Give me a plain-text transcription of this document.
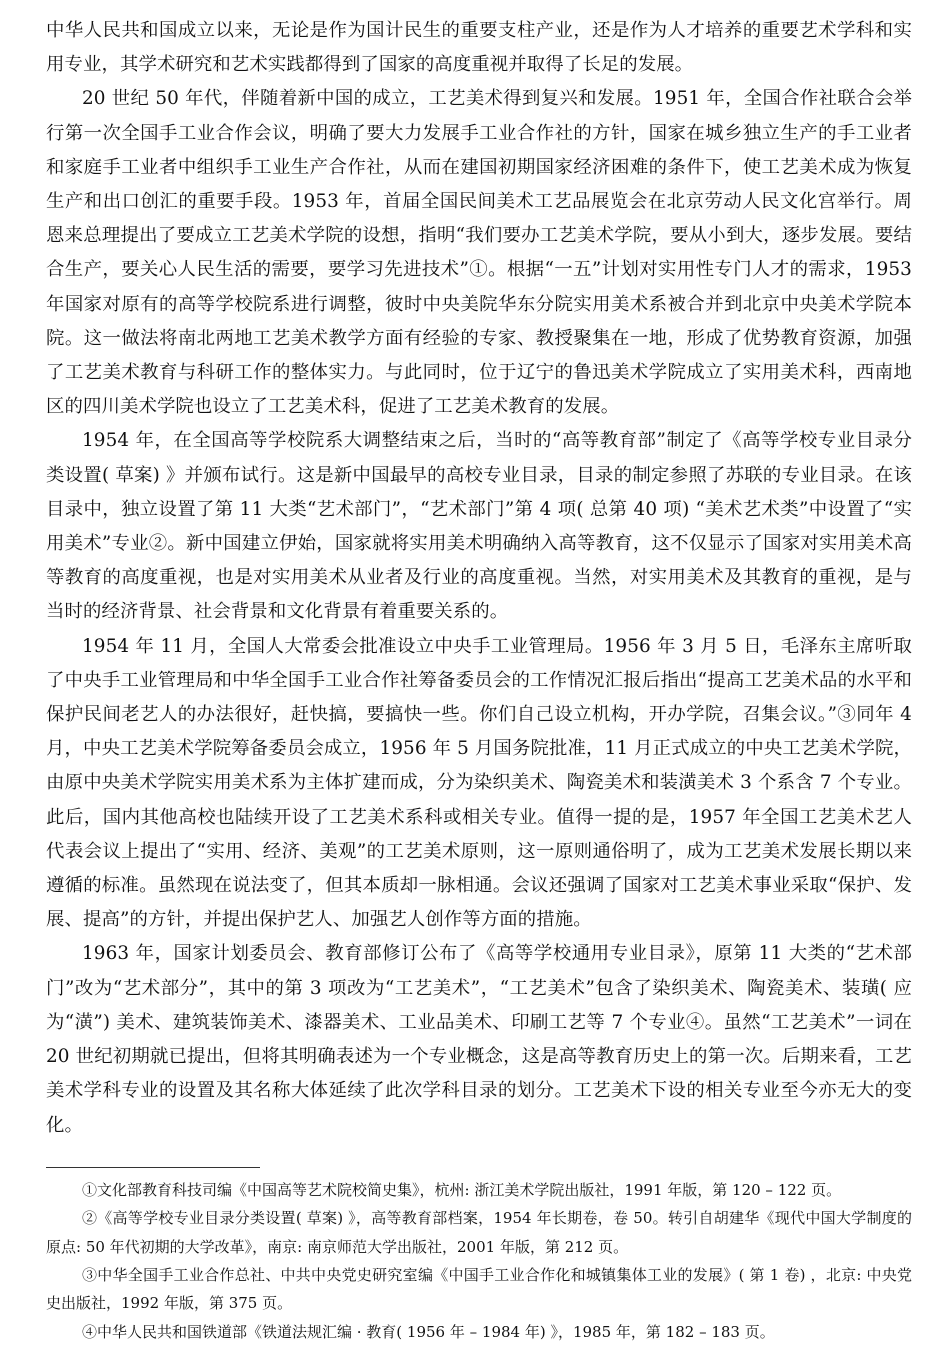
中华人民共和国成立以来，无论是作为国计民生的重要支柱产业，还是作为人才培养的重要艺术学科和实用专业，其学术研究和艺术实践都得到了国家的高度重视并取得了长足的发展。

20 世纪 50 年代，伴随着新中国的成立，工艺美术得到复兴和发展。1951 年，全国合作社联合会举行第一次全国手工业合作会议，明确了要大力发展手工业合作社的方针，国家在城乡独立生产的手工业者和家庭手工业者中组织手工业生产合作社，从而在建国初期国家经济困难的条件下，使工艺美术成为恢复生产和出口创汇的重要手段。1953 年，首届全国民间美术工艺品展览会在北京劳动人民文化宫举行。周恩来总理提出了要成立工艺美术学院的设想，指明“我们要办工艺美术学院，要从小到大，逐步发展。要结合生产，要关心人民生活的需要，要学习先进技术”①。根据“一五”计划对实用性专门人才的需求，1953 年国家对原有的高等学校院系进行调整，彼时中央美院华东分院实用美术系被合并到北京中央美术学院本院。这一做法将南北两地工艺美术教学方面有经验的专家、教授聚集在一地，形成了优势教育资源，加强了工艺美术教育与科研工作的整体实力。与此同时，位于辽宁的鲁迅美术学院成立了实用美术科，西南地区的四川美术学院也设立了工艺美术科，促进了工艺美术教育的发展。

1954 年，在全国高等学校院系大调整结束之后，当时的“高等教育部”制定了《高等学校专业目录分类设置( 草案) 》并颁布试行。这是新中国最早的高校专业目录，目录的制定参照了苏联的专业目录。在该目录中，独立设置了第 11 大类“艺术部门”，“艺术部门”第 4 项( 总第 40 项) “美术艺术类”中设置了“实用美术”专业②。新中国建立伊始，国家就将实用美术明确纳入高等教育，这不仅显示了国家对实用美术高等教育的高度重视，也是对实用美术从业者及行业的高度重视。当然，对实用美术及其教育的重视，是与当时的经济背景、社会背景和文化背景有着重要关系的。

1954 年 11 月，全国人大常委会批准设立中央手工业管理局。1956 年 3 月 5 日，毛泽东主席听取了中央手工业管理局和中华全国手工业合作社筹备委员会的工作情况汇报后指出“提高工艺美术品的水平和保护民间老艺人的办法很好，赶快搞，要搞快一些。你们自己设立机构，开办学院，召集会议。”③同年 4 月，中央工艺美术学院筹备委员会成立，1956 年 5 月国务院批准，11 月正式成立的中央工艺美术学院，由原中央美术学院实用美术系为主体扩建而成，分为染织美术、陶瓷美术和装潢美术 3 个系含 7 个专业。此后，国内其他高校也陆续开设了工艺美术系科或相关专业。值得一提的是，1957 年全国工艺美术艺人代表会议上提出了“实用、经济、美观”的工艺美术原则，这一原则通俗明了，成为工艺美术发展长期以来遵循的标准。虽然现在说法变了，但其本质却一脉相通。会议还强调了国家对工艺美术事业采取“保护、发展、提高”的方针，并提出保护艺人、加强艺人创作等方面的措施。

1963 年，国家计划委员会、教育部修订公布了《高等学校通用专业目录》，原第 11 大类的“艺术部门”改为“艺术部分”，其中的第 3 项改为“工艺美术”，“工艺美术”包含了染织美术、陶瓷美术、装璜( 应为“潢”) 美术、建筑装饰美术、漆器美术、工业品美术、印刷工艺等 7 个专业④。虽然“工艺美术”一词在 20 世纪初期就已提出，但将其明确表述为一个专业概念，这是高等教育历史上的第一次。后期来看，工艺美术学科专业的设置及其名称大体延续了此次学科目录的划分。工艺美术下设的相关专业至今亦无大的变化。

①文化部教育科技司编《中国高等艺术院校简史集》，杭州: 浙江美术学院出版社，1991 年版，第 120 – 122 页。

②《高等学校专业目录分类设置( 草案) 》，高等教育部档案，1954 年长期卷，卷 50。转引自胡建华《现代中国大学制度的原点: 50 年代初期的大学改革》，南京: 南京师范大学出版社，2001 年版，第 212 页。

③中华全国手工业合作总社、中共中央党史研究室编《中国手工业合作化和城镇集体工业的发展》( 第 1 卷) ，北京: 中央党史出版社，1992 年版，第 375 页。

④中华人民共和国铁道部《铁道法规汇编 · 教育( 1956 年 – 1984 年) 》，1985 年，第 182 – 183 页。
